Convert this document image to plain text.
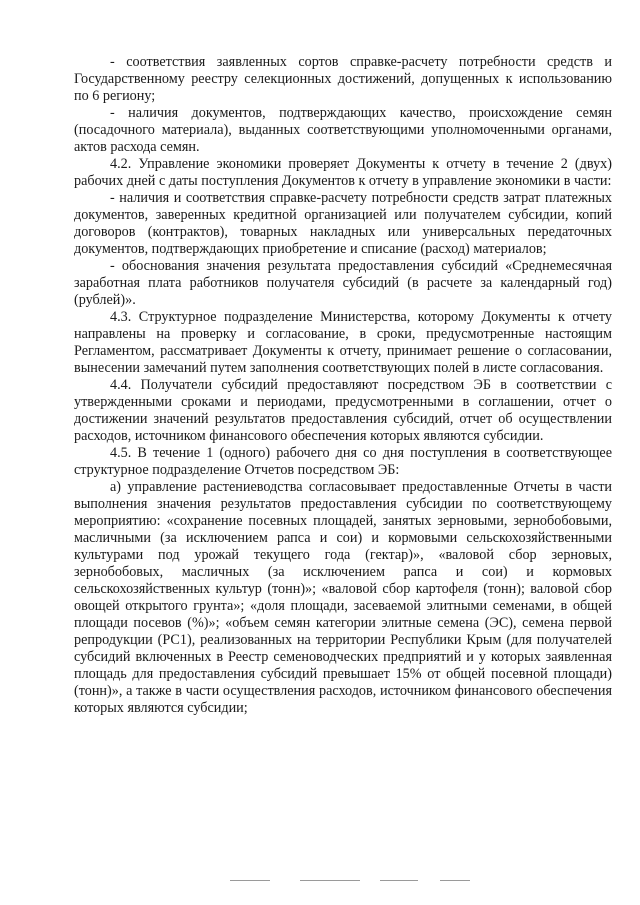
- соответствия заявленных сортов справке-расчету потребности средств и Государственному реестру селекционных достижений, допущенных к использованию по 6 региону;

- наличия документов, подтверждающих качество, происхождение семян (посадочного материала), выданных соответствующими уполномоченными органами, актов расхода семян.

4.2. Управление экономики проверяет Документы к отчету в течение 2 (двух) рабочих дней с даты поступления Документов к отчету в управление экономики в части:

- наличия и соответствия справке-расчету потребности средств затрат платежных документов, заверенных кредитной организацией или получателем субсидии, копий договоров (контрактов), товарных накладных или универсальных передаточных документов, подтверждающих приобретение и списание (расход) материалов;

- обоснования значения результата предоставления субсидий «Среднемесячная заработная плата работников получателя субсидий (в расчете за календарный год) (рублей)».

4.3. Структурное подразделение Министерства, которому Документы к отчету направлены на проверку и согласование, в сроки, предусмотренные настоящим Регламентом, рассматривает Документы к отчету, принимает решение о согласовании, вынесении замечаний путем заполнения соответствующих полей в листе согласования.

4.4. Получатели субсидий предоставляют посредством ЭБ в соответствии с утвержденными сроками и периодами, предусмотренными в соглашении, отчет о достижении значений результатов предоставления субсидий, отчет об осуществлении расходов, источником финансового обеспечения которых являются субсидии.

4.5. В течение 1 (одного) рабочего дня со дня поступления в соответствующее структурное подразделение Отчетов посредством ЭБ:

а) управление растениеводства согласовывает предоставленные Отчеты в части выполнения значения результатов предоставления субсидии по соответствующему мероприятию: «сохранение посевных площадей, занятых зерновыми, зернобобовыми, масличными (за исключением рапса и сои) и кормовыми сельскохозяйственными культурами под урожай текущего года (гектар)», «валовой сбор зерновых, зернобобовых, масличных (за исключением рапса и сои) и кормовых сельскохозяйственных культур (тонн)»; «валовой сбор картофеля (тонн); валовой сбор овощей открытого грунта»; «доля площади, засеваемой элитными семенами, в общей площади посевов (%)»; «объем семян категории элитные семена (ЭС), семена первой репродукции (РС1), реализованных на территории Республики Крым (для получателей субсидий включенных в Реестр семеноводческих предприятий и у которых заявленная площадь для предоставления субсидий превышает 15% от общей посевной площади) (тонн)», а также в части осуществления расходов, источником финансового обеспечения которых являются субсидии;
